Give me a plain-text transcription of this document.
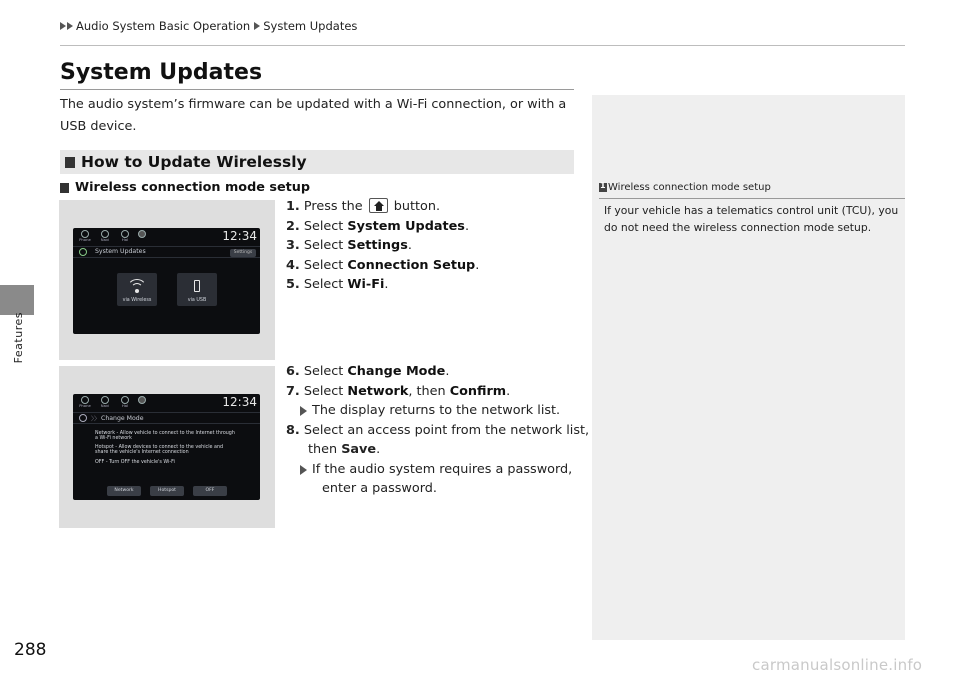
Audio System Basic Operation System Updates
Features
288
System Updates
The audio system’s firmware can be updated with a Wi-Fi connection, or with a USB device.
How to Update Wirelessly
Wireless connection mode setup
Phone	Navi	Hal	12:34
System Updates	Settings
via Wireless	via USB
1. Press the button.
2. Select System Updates.
3. Select Settings.
4. Select Connection Setup.
5. Select Wi-Fi.
Phone	Navi	Hal	12:34
〉〉 Change Mode
Network - Allow vehicle to connect to the Internet through
a Wi-Fi network
Hotspot - Allow devices to connect to the vehicle and
share the vehicle's Internet connection
OFF - Turn OFF the vehicle's Wi-Fi
Network	Hotspot	OFF
6. Select Change Mode.
7. Select Network, then Confirm.
The display returns to the network list.
8. Select an access point from the network list,
then Save.
If the audio system requires a password,
enter a password.
1
Wireless connection mode setup
If your vehicle has a telematics control unit (TCU), you do not need the wireless connection mode setup.
carmanualsonline.info
